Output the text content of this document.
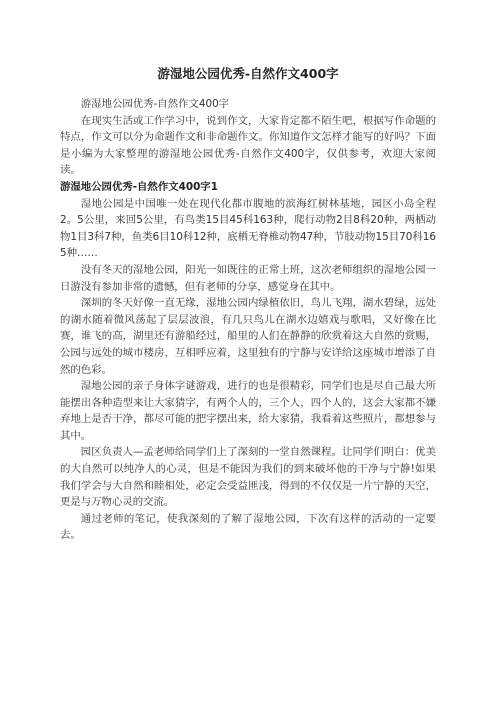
游湿地公园优秀-自然作文400字

游湿地公园优秀-自然作文400字

在现实生活或工作学习中，说到作文，大家肯定都不陌生吧，根据写作命题的特点，作文可以分为命题作文和非命题作文。你知道作文怎样才能写的好吗？下面是小编为大家整理的游湿地公园优秀-自然作文400字，仅供参考，欢迎大家阅读。

游湿地公园优秀-自然作文400字1

湿地公园是中国唯一处在现代化都市腹地的滨海红树林基地，园区小岛全程2。5公里，来回5公里，有鸟类15目45科163种，爬行动物2目8科20种，两栖动物1目3科7种，鱼类6目10科12种，底栖无脊椎动物47种，节肢动物15目70科165种……

没有冬天的湿地公园，阳光一如既往的正常上班，这次老师组织的湿地公园一日游没有参加非常的遗憾，但有老师的分享，感觉身在其中。

深圳的冬天好像一直无缘，湿地公园内绿植依旧，鸟儿飞翔，湖水碧绿，远处的湖水随着微风荡起了层层波浪，有几只鸟儿在湖水边嬉戏与歌唱，又好像在比赛，谁飞的高，湖里还有游船经过，船里的人们在静静的欣赏着这大自然的赏赐，公园与远处的城市楼房，互相呼应着，这里独有的宁静与安详给这座城市增添了自然的色彩。

湿地公园的亲子身体字谜游戏，进行的也是很精彩，同学们也是尽自己最大所能摆出各种造型来让大家猜字，有两个人的，三个人，四个人的，这会大家都不嫌弃地上是否干净，都尽可能的把字摆出来，给大家猜，我看着这些照片，都想参与其中。

园区负责人—孟老师给同学们上了深刻的一堂自然课程。让同学们明白：优美的大自然可以纯净人的心灵，但是不能因为我们的到来破坏他的干净与宁静!如果我们学会与大自然和睦相处，必定会受益匪浅，得到的不仅仅是一片宁静的天空，更是与万物心灵的交流。

通过老师的笔记，使我深刻的了解了湿地公园，下次有这样的活动的一定要去。
